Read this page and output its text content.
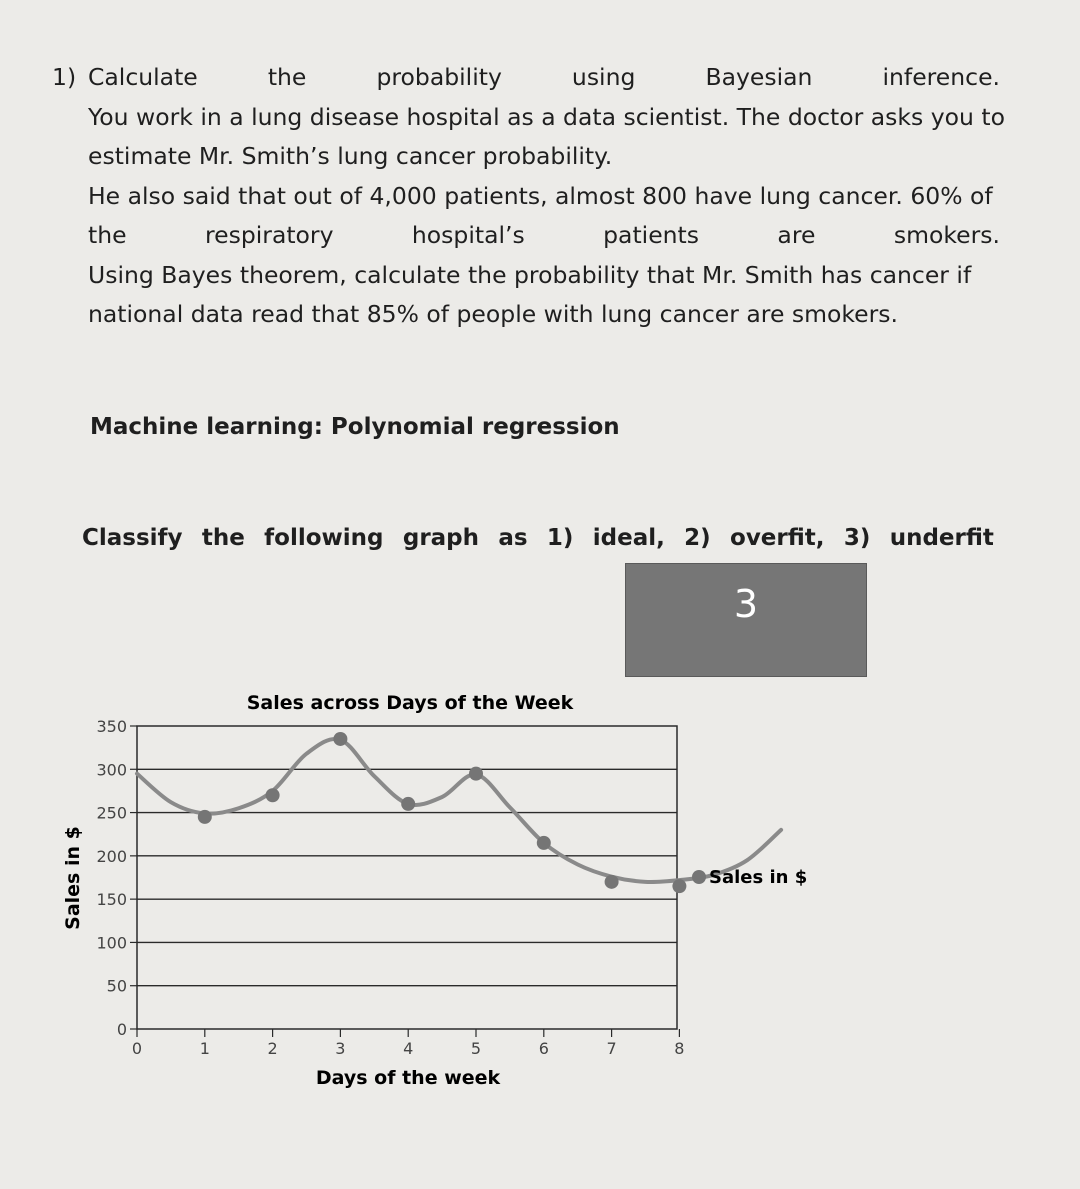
1) Calculate	the	probability	using	Bayesian	inference.
You work in a lung disease hospital as a data scientist. The doctor asks you to
estimate Mr. Smith’s lung cancer probability.
He also said that out of 4,000 patients, almost 800 have lung cancer. 60% of
the	respiratory	hospital’s	patients	are	smokers.
Using Bayes theorem, calculate the probability that Mr. Smith has cancer if
national data read that 85% of people with lung cancer are smokers.
Machine learning: Polynomial regression
Classify the following graph as 1) ideal, 2) overfit, 3) underfit
3
Sales across Days of the Week
0
50
100
150
200
250
300
350
0	1	2	3	4	5	6	7	8
Sales in $
Days of the week
Sales in $
